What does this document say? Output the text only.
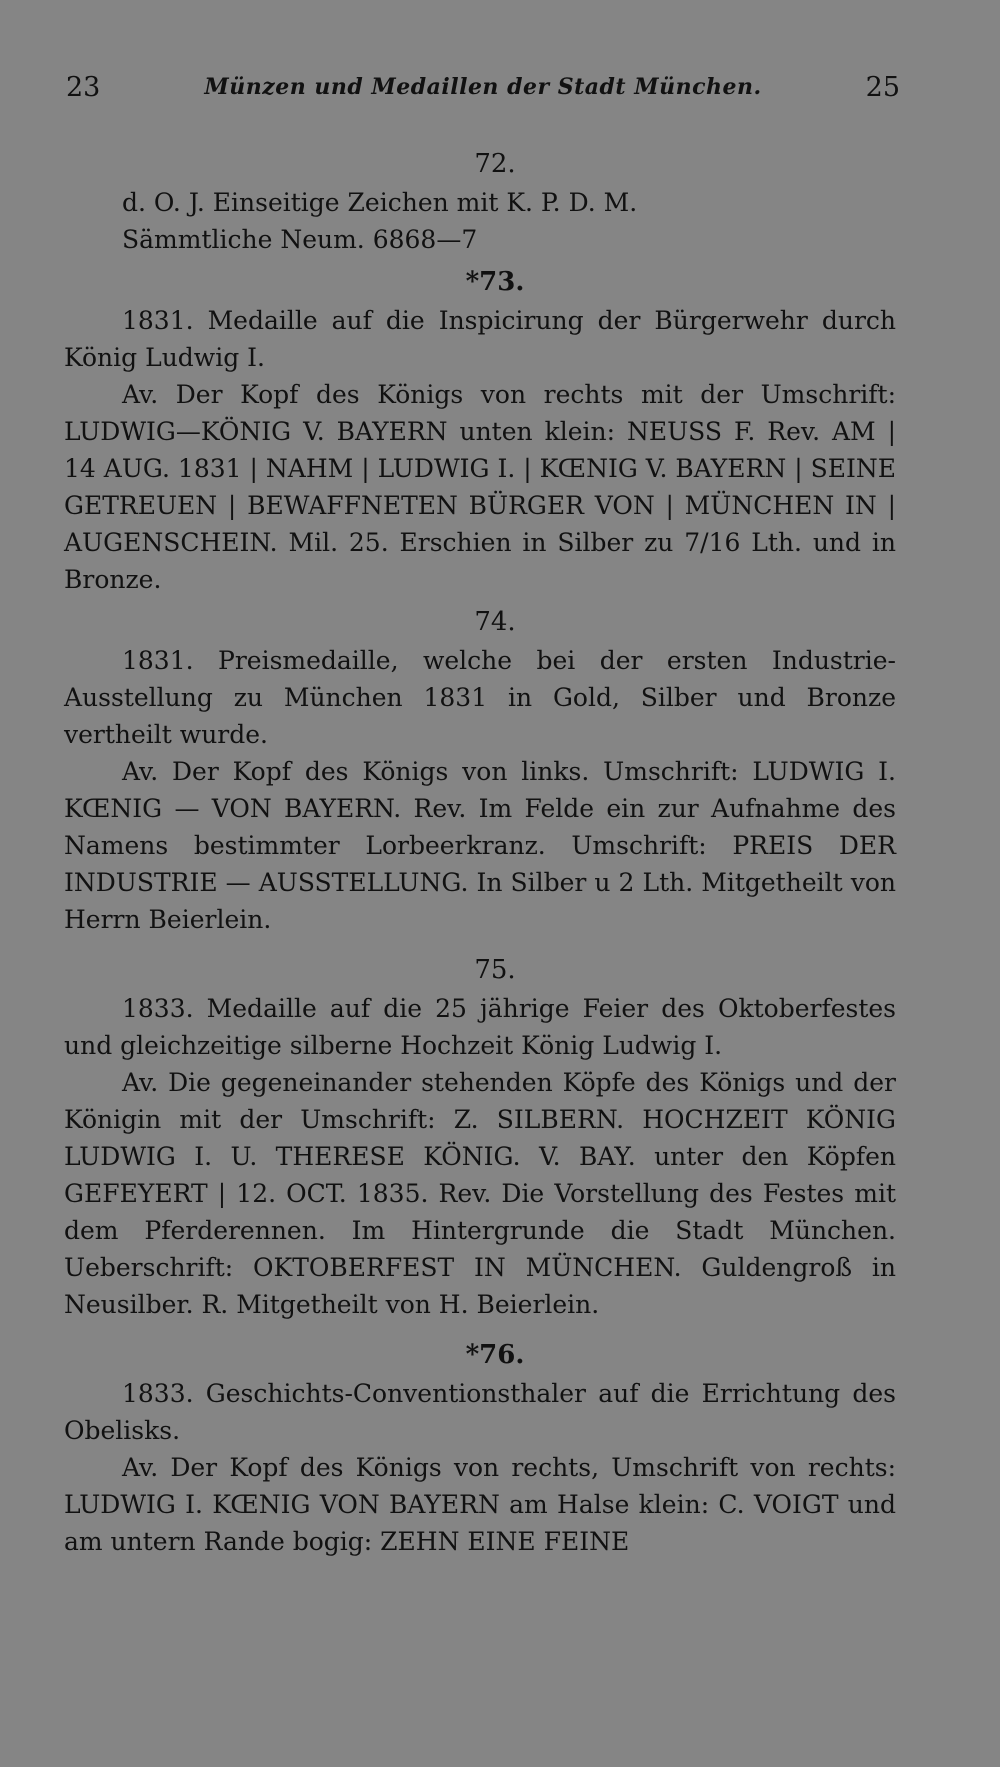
23	Münzen und Medaillen der Stadt München.	25
72.

d. O. J. Einseitige Zeichen mit K. P. D. M.

Sämmtliche Neum. 6868—7

*73.

1831. Medaille auf die Inspicirung der Bürgerwehr durch König Ludwig I.

Av. Der Kopf des Königs von rechts mit der Umschrift: LUDWIG—KÖNIG V. BAYERN unten klein: NEUSS F. Rev. AM | 14 AUG. 1831 | NAHM | LUDWIG I. | KŒNIG V. BAYERN | SEINE GETREUEN | BEWAFFNETEN BÜRGER VON | MÜNCHEN IN | AUGENSCHEIN. Mil. 25. Erschien in Silber zu 7/16 Lth. und in Bronze.

74.

1831. Preismedaille, welche bei der ersten Industrie-Ausstellung zu München 1831 in Gold, Silber und Bronze vertheilt wurde.

Av. Der Kopf des Königs von links. Umschrift: LUDWIG I. KŒNIG — VON BAYERN. Rev. Im Felde ein zur Aufnahme des Namens bestimmter Lorbeerkranz. Umschrift: PREIS DER INDUSTRIE — AUSSTELLUNG. In Silber u 2 Lth. Mitgetheilt von Herrn Beierlein.

75.

1833. Medaille auf die 25 jährige Feier des Oktoberfestes und gleichzeitige silberne Hochzeit König Ludwig I.

Av. Die gegeneinander stehenden Köpfe des Königs und der Königin mit der Umschrift: Z. SILBERN. HOCHZEIT KÖNIG LUDWIG I. U. THERESE KÖNIG. V. BAY. unter den Köpfen GEFEYERT | 12. OCT. 1835. Rev. Die Vorstellung des Festes mit dem Pferderennen. Im Hintergrunde die Stadt München. Ueberschrift: OKTOBERFEST IN MÜNCHEN. Guldengroß in Neusilber. R. Mitgetheilt von H. Beierlein.

*76.

1833. Geschichts-Conventionsthaler auf die Errichtung des Obelisks.

Av. Der Kopf des Königs von rechts, Umschrift von rechts: LUDWIG I. KŒNIG VON BAYERN am Halse klein: C. VOIGT und am untern Rande bogig: ZEHN EINE FEINE
